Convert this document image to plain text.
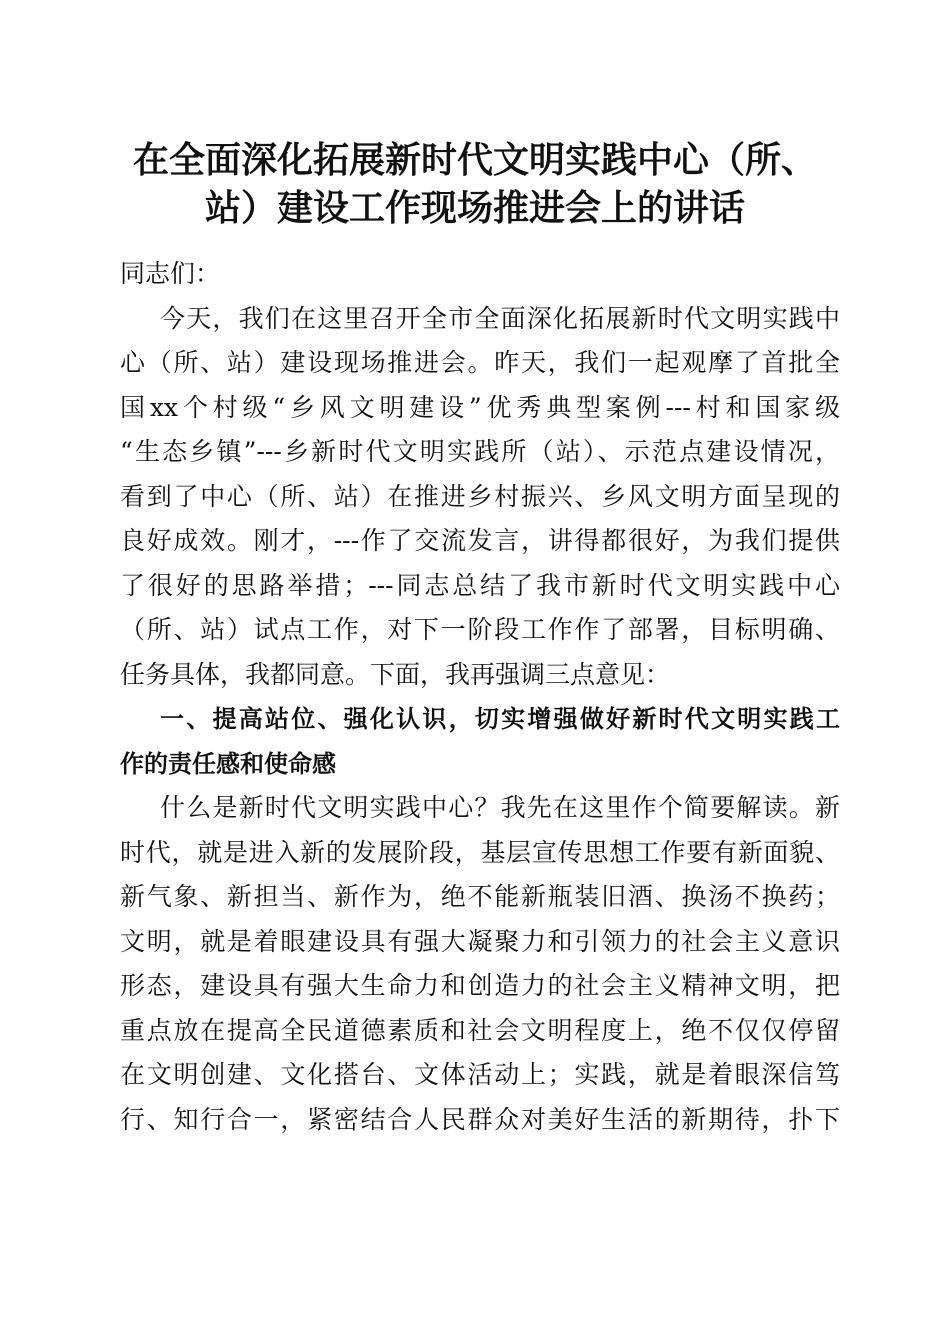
在全面深化拓展新时代文明实践中心（所、
站）建设工作现场推进会上的讲话
同志们：
今天，我们在这里召开全市全面深化拓展新时代文明实践中
心（所、站）建设现场推进会。昨天，我们一起观摩了首批全
国xx个村级“乡风文明建设”优秀典型案例---村和国家级
“生态乡镇”---乡新时代文明实践所（站）、示范点建设情况，
看到了中心（所、站）在推进乡村振兴、乡风文明方面呈现的
良好成效。刚才，---作了交流发言，讲得都很好，为我们提供
了很好的思路举措；---同志总结了我市新时代文明实践中心
（所、站）试点工作，对下一阶段工作作了部署，目标明确、
任务具体，我都同意。下面，我再强调三点意见：
一、提高站位、强化认识，切实增强做好新时代文明实践工
作的责任感和使命感
什么是新时代文明实践中心？我先在这里作个简要解读。新
时代，就是进入新的发展阶段，基层宣传思想工作要有新面貌、
新气象、新担当、新作为，绝不能新瓶装旧酒、换汤不换药；
文明，就是着眼建设具有强大凝聚力和引领力的社会主义意识
形态，建设具有强大生命力和创造力的社会主义精神文明，把
重点放在提高全民道德素质和社会文明程度上，绝不仅仅停留
在文明创建、文化搭台、文体活动上；实践，就是着眼深信笃
行、知行合一，紧密结合人民群众对美好生活的新期待，扑下
